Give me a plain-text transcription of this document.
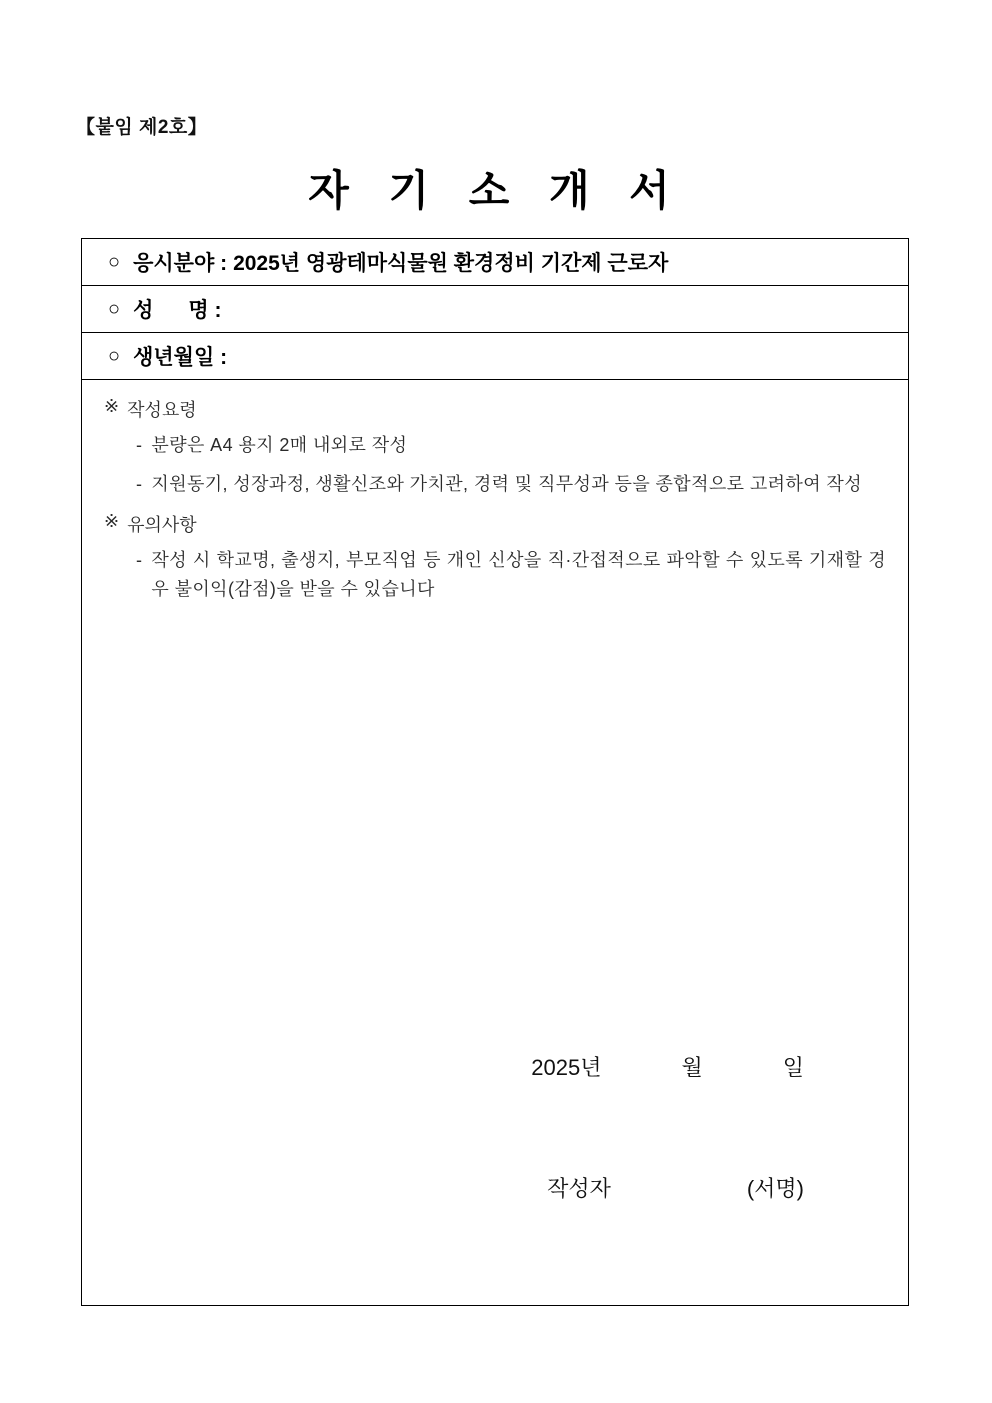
【붙임 제2호】
자 기 소 개 서
○ 응시분야 : 2025년 영광테마식물원 환경정비 기간제 근로자
○ 성      명 :
○ 생년월일 :
※ 작성요령
- 분량은 A4 용지 2매 내외로 작성
- 지원동기, 성장과정, 생활신조와 가치관, 경력 및 직무성과 등을 종합적으로 고려하여 작성
※ 유의사항
- 작성 시 학교명, 출생지, 부모직업 등 개인 신상을 직·간접적으로 파악할 수 있도록 기재할 경우 불이익(감점)을 받을 수 있습니다

2025년	월	일

작성자	(서명)
